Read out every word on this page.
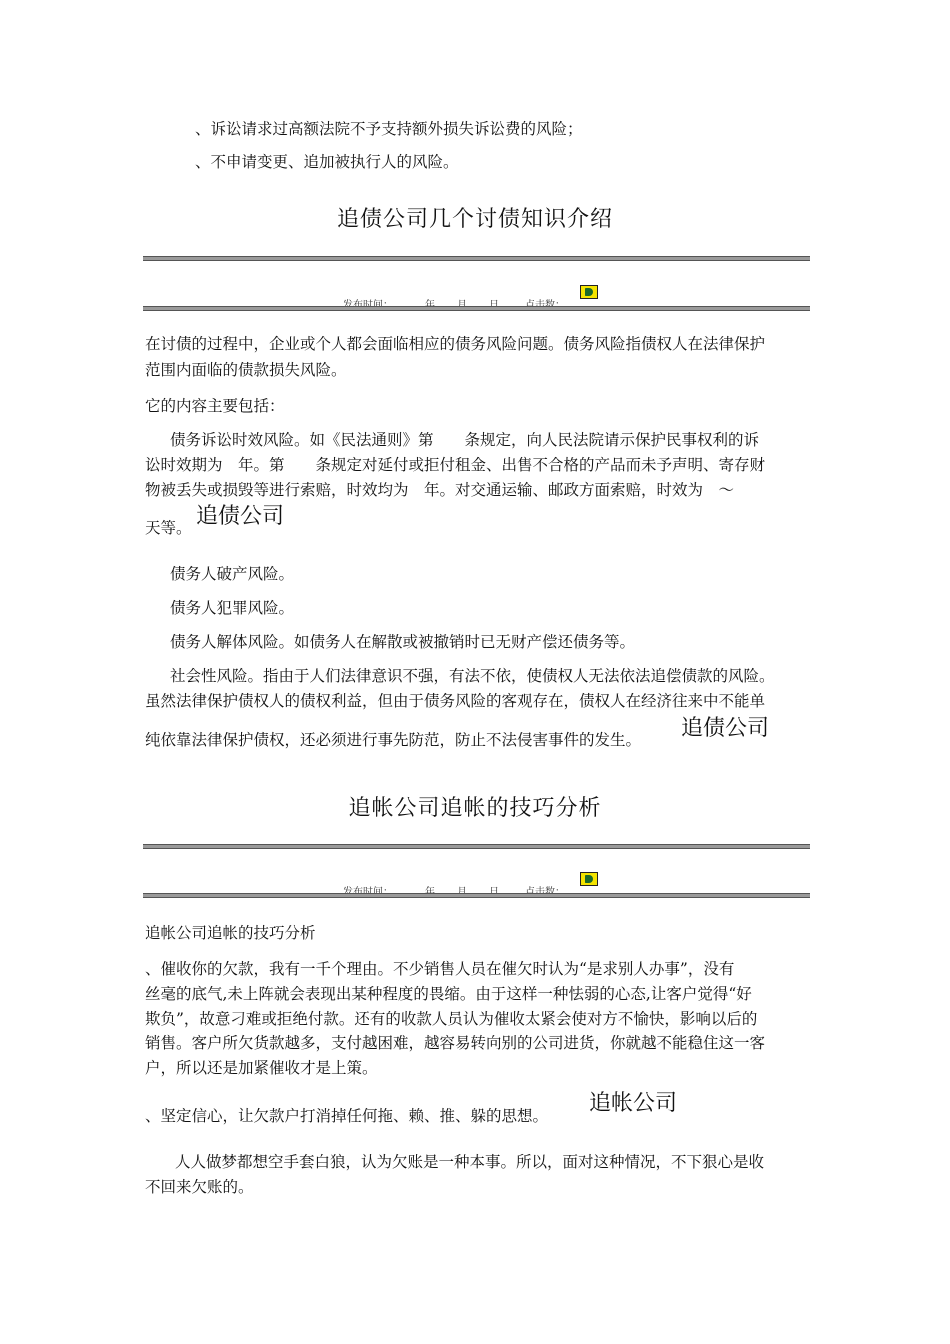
、诉讼请求过高额法院不予支持额外损失诉讼费的风险；
、不申请变更、追加被执行人的风险。
追债公司几个讨债知识介绍
在讨债的过程中，企业或个人都会面临相应的债务风险问题。债务风险指债权人在法律保护
范围内面临的债款损失风险。
它的内容主要包括：
债务诉讼时效风险。如《民法通则》第　　条规定，向人民法院请示保护民事权利的诉
讼时效期为　年。第　　条规定对延付或拒付租金、出售不合格的产品而未予声明、寄存财
物被丢失或损毁等进行索赔，时效均为　年。对交通运输、邮政方面索赔，时效为　～
天等。 追债公司
债务人破产风险。
债务人犯罪风险。
债务人解体风险。如债务人在解散或被撤销时已无财产偿还债务等。
社会性风险。指由于人们法律意识不强，有法不依，使债权人无法依法追偿债款的风险。
虽然法律保护债权人的债权利益，但由于债务风险的客观存在，债权人在经济往来中不能单
纯依靠法律保护债权，还必须进行事先防范，防止不法侵害事件的发生。 追债公司
追帐公司追帐的技巧分析
追帐公司追帐的技巧分析
、催收你的欠款，我有一千个理由。不少销售人员在催欠时认为“是求别人办事”，没有
丝毫的底气,未上阵就会表现出某种程度的畏缩。由于这样一种怯弱的心态,让客户觉得“好
欺负”，故意刁难或拒绝付款。还有的收款人员认为催收太紧会使对方不愉快，影响以后的
销售。客户所欠货款越多，支付越困难，越容易转向别的公司进货，你就越不能稳住这一客
户，所以还是加紧催收才是上策。
、坚定信心，让欠款户打消掉任何拖、赖、推、躲的思想。 追帐公司
人人做梦都想空手套白狼，认为欠账是一种本事。所以，面对这种情况，不下狠心是收
不回来欠账的。
